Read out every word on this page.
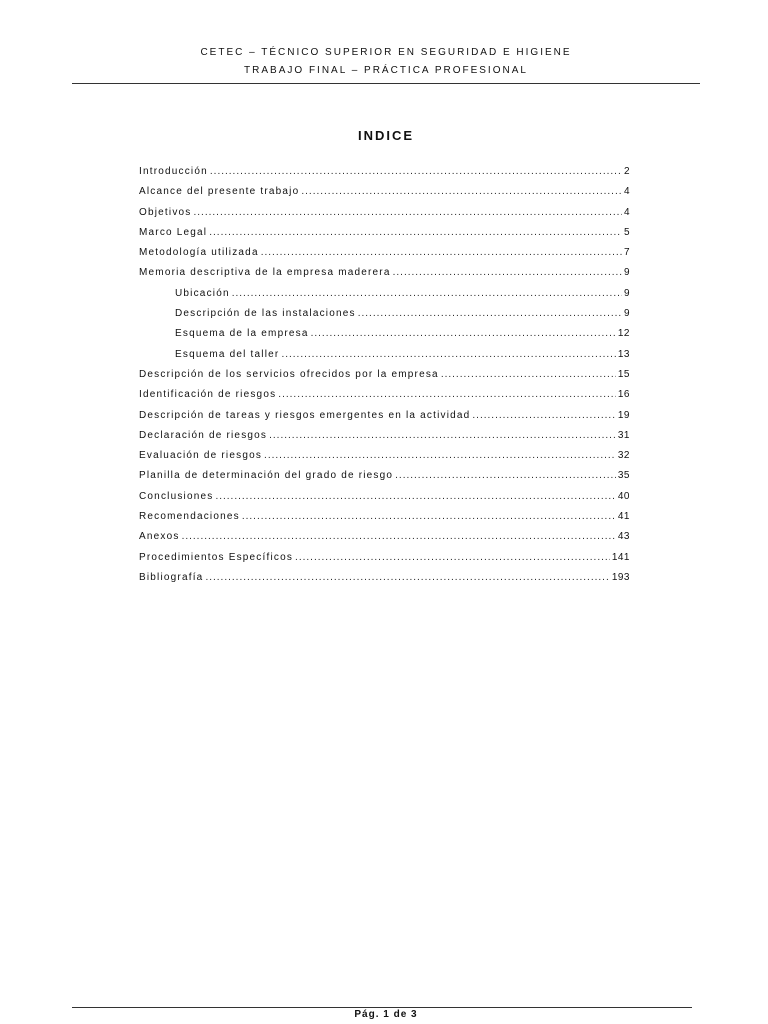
CETEC – TÉCNICO SUPERIOR EN SEGURIDAD E HIGIENE
TRABAJO FINAL – PRÁCTICA PROFESIONAL
INDICE
Introducción .....	2
Alcance del presente trabajo .....	4
Objetivos .....	4
Marco Legal .....	5
Metodología utilizada .....	7
Memoria descriptiva de la empresa maderera .....	9
Ubicación .....	9
Descripción de las instalaciones .....	9
Esquema de la empresa .....	12
Esquema del taller .....	13
Descripción de los servicios ofrecidos por la empresa .....	15
Identificación de riesgos .....	16
Descripción de tareas y riesgos emergentes en la actividad .....	19
Declaración de riesgos .....	31
Evaluación de riesgos .....	32
Planilla de determinación del grado de riesgo .....	35
Conclusiones .....	40
Recomendaciones .....	41
Anexos .....	43
Procedimientos Específicos .....	141
Bibliografía .....	193
Pág. 1 de 3
